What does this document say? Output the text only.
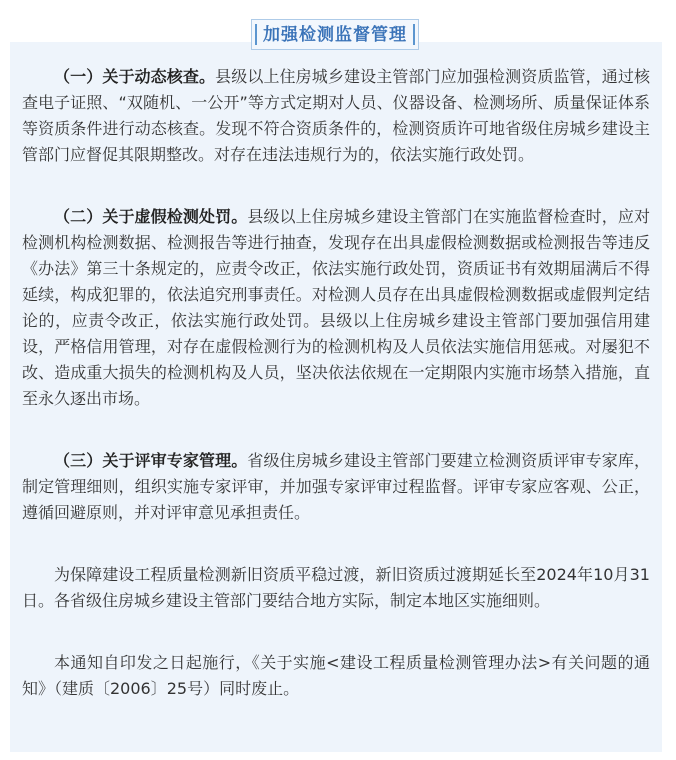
加强检测监督管理

（一）关于动态核查。县级以上住房城乡建设主管部门应加强检测资质监管，通过核查电子证照、“双随机、一公开”等方式定期对人员、仪器设备、检测场所、质量保证体系等资质条件进行动态核查。发现不符合资质条件的，检测资质许可地省级住房城乡建设主管部门应督促其限期整改。对存在违法违规行为的，依法实施行政处罚。

（二）关于虚假检测处罚。县级以上住房城乡建设主管部门在实施监督检查时，应对检测机构检测数据、检测报告等进行抽查，发现存在出具虚假检测数据或检测报告等违反《办法》第三十条规定的，应责令改正，依法实施行政处罚，资质证书有效期届满后不得延续，构成犯罪的，依法追究刑事责任。对检测人员存在出具虚假检测数据或虚假判定结论的，应责令改正，依法实施行政处罚。县级以上住房城乡建设主管部门要加强信用建设，严格信用管理，对存在虚假检测行为的检测机构及人员依法实施信用惩戒。对屡犯不改、造成重大损失的检测机构及人员，坚决依法依规在一定期限内实施市场禁入措施，直至永久逐出市场。

（三）关于评审专家管理。省级住房城乡建设主管部门要建立检测资质评审专家库，制定管理细则，组织实施专家评审，并加强专家评审过程监督。评审专家应客观、公正，遵循回避原则，并对评审意见承担责任。

为保障建设工程质量检测新旧资质平稳过渡，新旧资质过渡期延长至2024年10月31日。各省级住房城乡建设主管部门要结合地方实际，制定本地区实施细则。

本通知自印发之日起施行，《关于实施<建设工程质量检测管理办法>有关问题的通知》（建质〔2006〕25号）同时废止。
